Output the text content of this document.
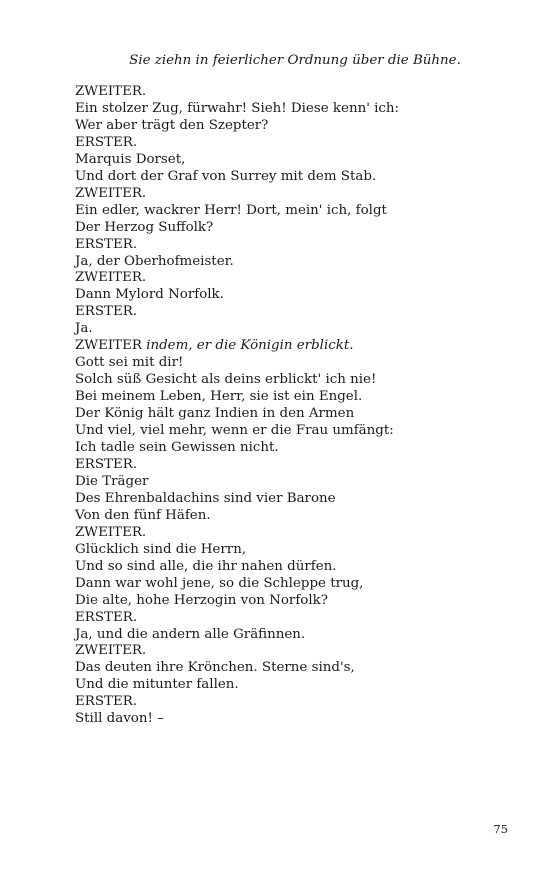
Sie ziehn in feierlicher Ordnung über die Bühne.

ZWEITER.
Ein stolzer Zug, fürwahr! Sieh! Diese kenn' ich:
Wer aber trägt den Szepter?
ERSTER.
Marquis Dorset,
Und dort der Graf von Surrey mit dem Stab.
ZWEITER.
Ein edler, wackrer Herr! Dort, mein' ich, folgt
Der Herzog Suffolk?
ERSTER.
Ja, der Oberhofmeister.
ZWEITER.
Dann Mylord Norfolk.
ERSTER.
Ja.
ZWEITER indem, er die Königin erblickt.
Gott sei mit dir!
Solch süß Gesicht als deins erblickt' ich nie!
Bei meinem Leben, Herr, sie ist ein Engel.
Der König hält ganz Indien in den Armen
Und viel, viel mehr, wenn er die Frau umfängt:
Ich tadle sein Gewissen nicht.
ERSTER.
Die Träger
Des Ehrenbaldachins sind vier Barone
Von den fünf Häfen.
ZWEITER.
Glücklich sind die Herrn,
Und so sind alle, die ihr nahen dürfen.
Dann war wohl jene, so die Schleppe trug,
Die alte, hohe Herzogin von Norfolk?
ERSTER.
Ja, und die andern alle Gräfinnen.
ZWEITER.
Das deuten ihre Krönchen. Sterne sind's,
Und die mitunter fallen.
ERSTER.
Still davon! –
75
